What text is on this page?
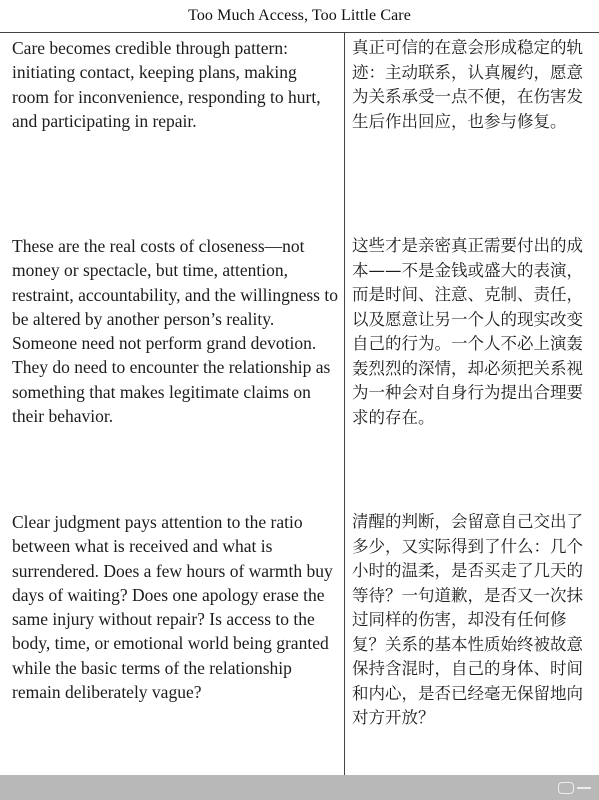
Too Much Access, Too Little Care

Care becomes credible through pattern: initiating contact, keeping plans, making room for inconvenience, responding to hurt, and participating in repair.

真正可信的在意会形成稳定的轨迹：主动联系，认真履约，愿意为关系承受一点不便，在伤害发生后作出回应，也参与修复。

These are the real costs of closeness—not money or spectacle, but time, attention, restraint, accountability, and the willingness to be altered by another person’s reality. Someone need not perform grand devotion. They do need to encounter the relationship as something that makes legitimate claims on their behavior.

这些才是亲密真正需要付出的成本——不是金钱或盛大的表演，而是时间、注意、克制、责任，以及愿意让另一个人的现实改变自己的行为。一个人不必上演轰轰烈烈的深情，却必须把关系视为一种会对自身行为提出合理要求的存在。

Clear judgment pays attention to the ratio between what is received and what is surrendered. Does a few hours of warmth buy days of waiting? Does one apology erase the same injury without repair? Is access to the body, time, or emotional world being granted while the basic terms of the relationship remain deliberately vague?

清醒的判断，会留意自己交出了多少，又实际得到了什么：几个小时的温柔，是否买走了几天的等待？一句道歉，是否又一次抹过同样的伤害，却没有任何修复？关系的基本性质始终被故意保持含混时，自己的身体、时间和内心，是否已经毫无保留地向对方开放？
